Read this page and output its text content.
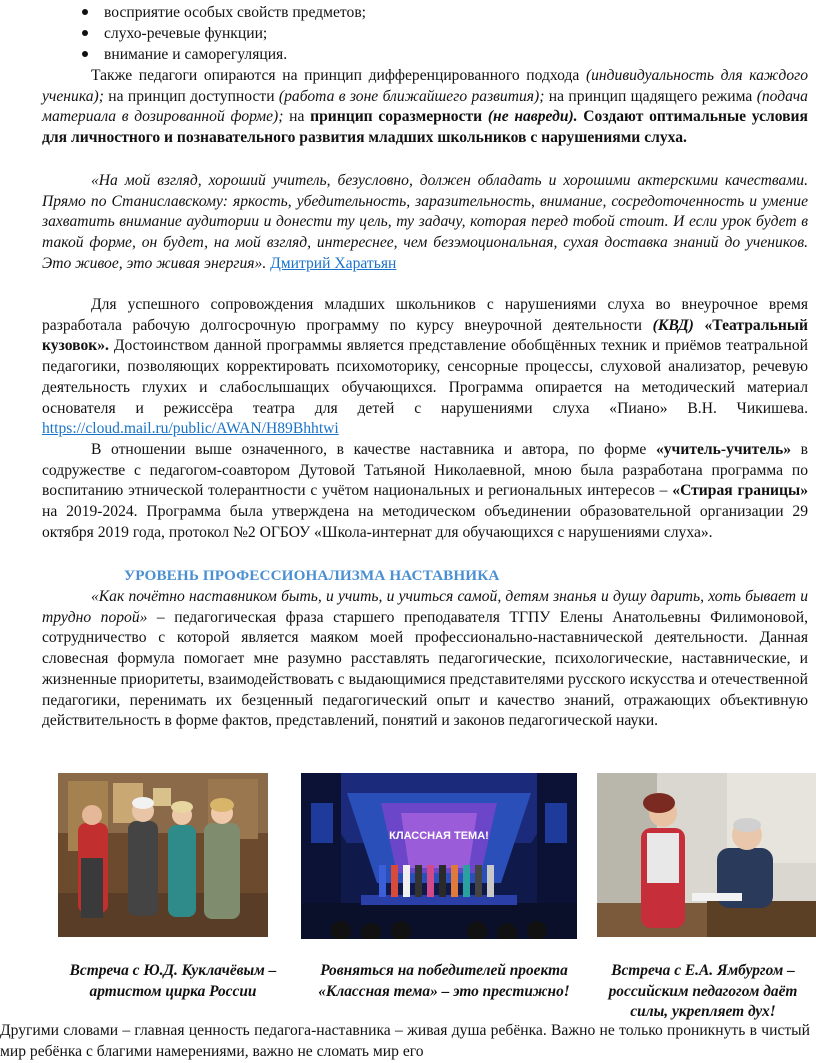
восприятие особых свойств предметов;
слухо-речевые функции;
внимание и саморегуляция.

Также педагоги опираются на принцип дифференцированного подхода (индивидуальность для каждого ученика); на принцип доступности (работа в зоне ближайшего развития); на принцип щадящего режима (подача материала в дозированной форме); на принцип соразмерности (не навреди). Создают оптимальные условия для личностного и познавательного развития младших школьников с нарушениями слуха.

«На мой взгляд, хороший учитель, безусловно, должен обладать и хорошими актерскими качествами. Прямо по Станиславскому: яркость, убедительность, заразительность, внимание, сосредоточенность и умение захватить внимание аудитории и донести ту цель, ту задачу, которая перед тобой стоит. И если урок будет в такой форме, он будет, на мой взгляд, интереснее, чем безэмоциональная, сухая доставка знаний до учеников. Это живое, это живая энергия». Дмитрий Харатьян

Для успешного сопровождения младших школьников с нарушениями слуха во внеурочное время разработала рабочую долгосрочную программу по курсу внеурочной деятельности (КВД) «Театральный кузовок». Достоинством данной программы является представление обобщённых техник и приёмов театральной педагогики, позволяющих корректировать психомоторику, сенсорные процессы, слуховой анализатор, речевую деятельность глухих и слабослышащих обучающихся. Программа опирается на методический материал основателя и режиссёра театра для детей с нарушениями слуха «Пиано» В.Н. Чикишева. https://cloud.mail.ru/public/AWAN/H89Bhhtwi

В отношении выше означенного, в качестве наставника и автора, по форме «учитель-учитель» в содружестве с педагогом-соавтором Дутовой Татьяной Николаевной, мною была разработана программа по воспитанию этнической толерантности с учётом национальных и региональных интересов – «Стирая границы» на 2019-2024. Программа была утверждена на методическом объединении образовательной организации 29 октября 2019 года, протокол №2 ОГБОУ «Школа-интернат для обучающихся с нарушениями слуха».

УРОВЕНЬ ПРОФЕССИОНАЛИЗМА НАСТАВНИКА

«Как почётно наставником быть, и учить, и учиться самой, детям знанья и душу дарить, хоть бывает и трудно порой» – педагогическая фраза старшего преподавателя ТГПУ Елены Анатольевны Филимоновой, сотрудничество с которой является маяком моей профессионально-наставнической деятельности. Данная словесная формула помогает мне разумно расставлять педагогические, психологические, наставнические, и жизненные приоритеты, взаимодействовать с выдающимися представителями русского искусства и отечественной педагогики, перенимать их безценный педагогический опыт и качество знаний, отражающих объективную действительность в форме фактов, представлений, понятий и законов педагогической науки.

КЛАССНАЯ ТЕМА!
Встреча с Ю.Д. Куклачёвым – артистом цирка России
Ровняться на победителей проекта «Классная тема» – это престижно!
Встреча с Е.А. Ямбургом – российским педагогом даёт силы, укрепляет дух!

Другими словами – главная ценность педагога-наставника – живая душа ребёнка. Важно не только проникнуть в чистый мир ребёнка с благими намерениями, важно не сломать мир его
